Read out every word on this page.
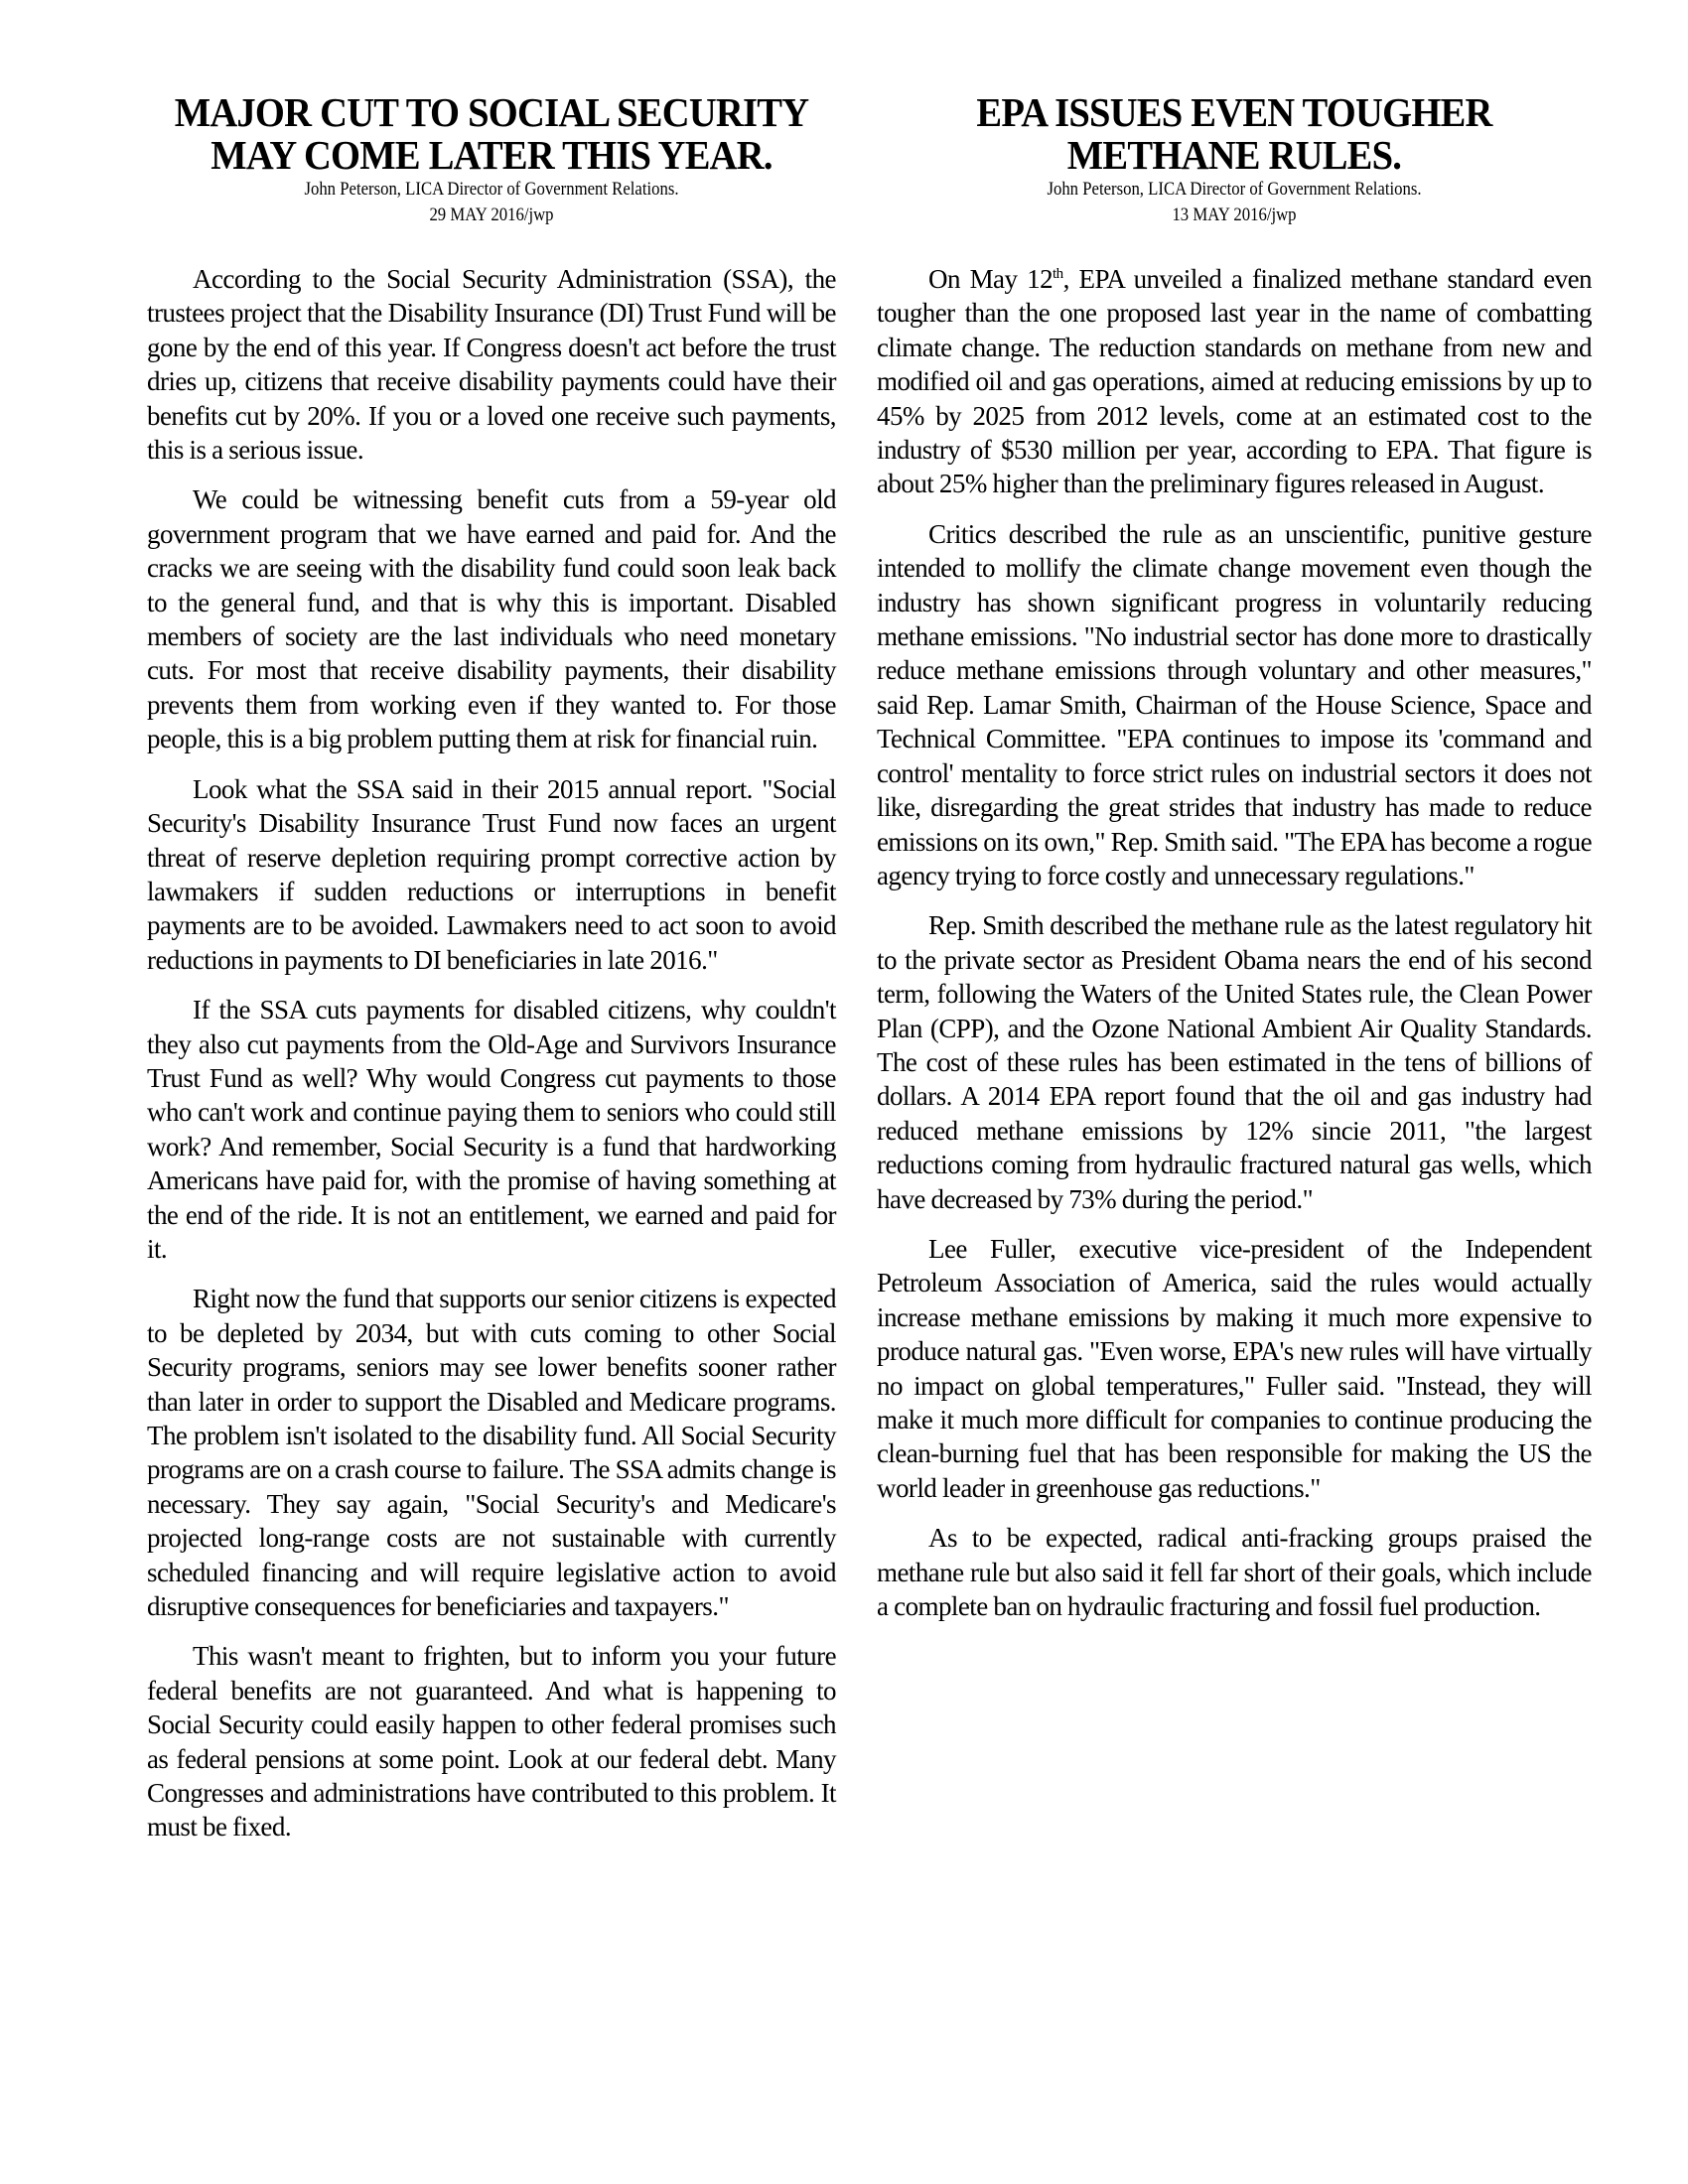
MAJOR CUT TO SOCIAL SECURITY MAY COME LATER THIS YEAR.

John Peterson, LICA Director of Government Relations.

29 MAY 2016/jwp

According to the Social Security Administration (SSA), the trustees project that the Disability Insurance (DI) Trust Fund will be gone by the end of this year. If Congress doesn't act before the trust dries up, citizens that receive disability payments could have their benefits cut by 20%. If you or a loved one receive such payments, this is a serious issue.

We could be witnessing benefit cuts from a 59-year old government program that we have earned and paid for. And the cracks we are seeing with the disability fund could soon leak back to the general fund, and that is why this is important. Disabled members of society are the last individuals who need monetary cuts. For most that receive disability payments, their disability prevents them from working even if they wanted to. For those people, this is a big problem putting them at risk for financial ruin.

Look what the SSA said in their 2015 annual report. "Social Security's Disability Insurance Trust Fund now faces an urgent threat of reserve depletion requiring prompt corrective action by lawmakers if sudden reductions or interruptions in benefit payments are to be avoided. Lawmakers need to act soon to avoid reductions in payments to DI beneficiaries in late 2016."

If the SSA cuts payments for disabled citizens, why couldn't they also cut payments from the Old-Age and Survivors Insurance Trust Fund as well? Why would Congress cut payments to those who can't work and continue paying them to seniors who could still work? And remember, Social Security is a fund that hardworking Americans have paid for, with the promise of having something at the end of the ride. It is not an entitlement, we earned and paid for it.

Right now the fund that supports our senior citizens is expected to be depleted by 2034, but with cuts coming to other Social Security programs, seniors may see lower benefits sooner rather than later in order to support the Disabled and Medicare programs. The problem isn't isolated to the disability fund. All Social Security programs are on a crash course to failure. The SSA admits change is necessary. They say again, "Social Security's and Medicare's projected long-range costs are not sustainable with currently scheduled financing and will require legislative action to avoid disruptive consequences for beneficiaries and taxpayers."

This wasn't meant to frighten, but to inform you your future federal benefits are not guaranteed. And what is happening to Social Security could easily happen to other federal promises such as federal pensions at some point. Look at our federal debt. Many Congresses and administrations have contributed to this problem. It must be fixed.

EPA ISSUES EVEN TOUGHER METHANE RULES.

John Peterson, LICA Director of Government Relations.

13 MAY 2016/jwp

On May 12th, EPA unveiled a finalized methane standard even tougher than the one proposed last year in the name of combatting climate change. The reduction standards on methane from new and modified oil and gas operations, aimed at reducing emissions by up to 45% by 2025 from 2012 levels, come at an estimated cost to the industry of $530 million per year, according to EPA. That figure is about 25% higher than the preliminary figures released in August.

Critics described the rule as an unscientific, punitive gesture intended to mollify the climate change movement even though the industry has shown significant progress in voluntarily reducing methane emissions. "No industrial sector has done more to drastically reduce methane emissions through voluntary and other measures," said Rep. Lamar Smith, Chairman of the House Science, Space and Technical Committee. "EPA continues to impose its 'command and control' mentality to force strict rules on industrial sectors it does not like, disregarding the great strides that industry has made to reduce emissions on its own," Rep. Smith said. "The EPA has become a rogue agency trying to force costly and unnecessary regulations."

Rep. Smith described the methane rule as the latest regulatory hit to the private sector as President Obama nears the end of his second term, following the Waters of the United States rule, the Clean Power Plan (CPP), and the Ozone National Ambient Air Quality Standards. The cost of these rules has been estimated in the tens of billions of dollars. A 2014 EPA report found that the oil and gas industry had reduced methane emissions by 12% sincie 2011, "the largest reductions coming from hydraulic fractured natural gas wells, which have decreased by 73% during the period."

Lee Fuller, executive vice-president of the Independent Petroleum Association of America, said the rules would actually increase methane emissions by making it much more expensive to produce natural gas. "Even worse, EPA's new rules will have virtually no impact on global temperatures," Fuller said. "Instead, they will make it much more difficult for companies to continue producing the clean-burning fuel that has been responsible for making the US the world leader in greenhouse gas reductions."

As to be expected, radical anti-fracking groups praised the methane rule but also said it fell far short of their goals, which include a complete ban on hydraulic fracturing and fossil fuel production.
